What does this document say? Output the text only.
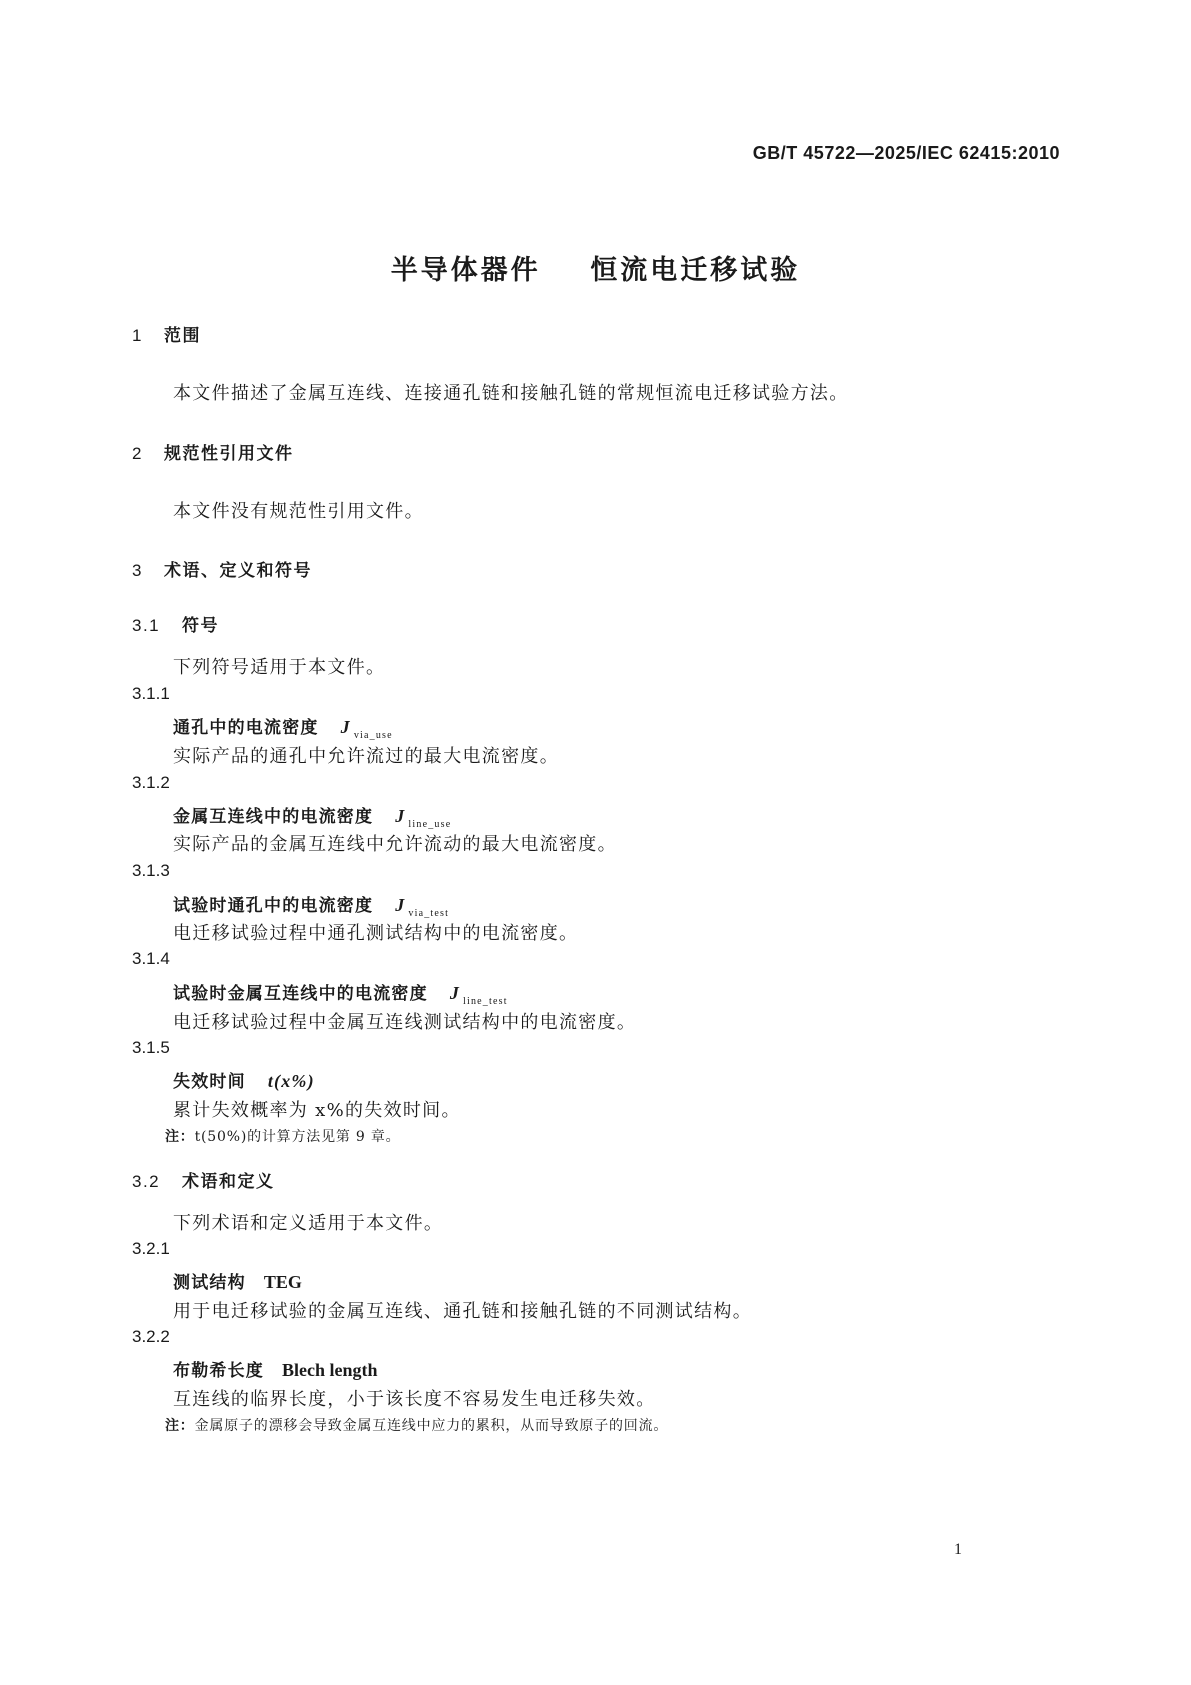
GB/T 45722—2025/IEC 62415:2010
半导体器件    恒流电迁移试验
1 范围
本文件描述了金属互连线、连接通孔链和接触孔链的常规恒流电迁移试验方法。
2 规范性引用文件
本文件没有规范性引用文件。
3 术语、定义和符号
3.1 符号
下列符号适用于本文件。
3.1.1
通孔中的电流密度 J $_{via\_use}$
实际产品的通孔中允许流过的最大电流密度。
3.1.2
金属互连线中的电流密度 J $_{line\_use}$
实际产品的金属互连线中允许流动的最大电流密度。
3.1.3
试验时通孔中的电流密度 J $_{via\_test}$
电迁移试验过程中通孔测试结构中的电流密度。
3.1.4
试验时金属互连线中的电流密度 J $_{line\_test}$
电迁移试验过程中金属互连线测试结构中的电流密度。
3.1.5
失效时间 t(x%)
累计失效概率为 x%的失效时间。
注：t(50%)的计算方法见第 9 章。
3.2 术语和定义
下列术语和定义适用于本文件。
3.2.1
测试结构 TEG
用于电迁移试验的金属互连线、通孔链和接触孔链的不同测试结构。
3.2.2
布勒希长度 Blech length
互连线的临界长度，小于该长度不容易发生电迁移失效。
注：金属原子的漂移会导致金属互连线中应力的累积，从而导致原子的回流。
1
